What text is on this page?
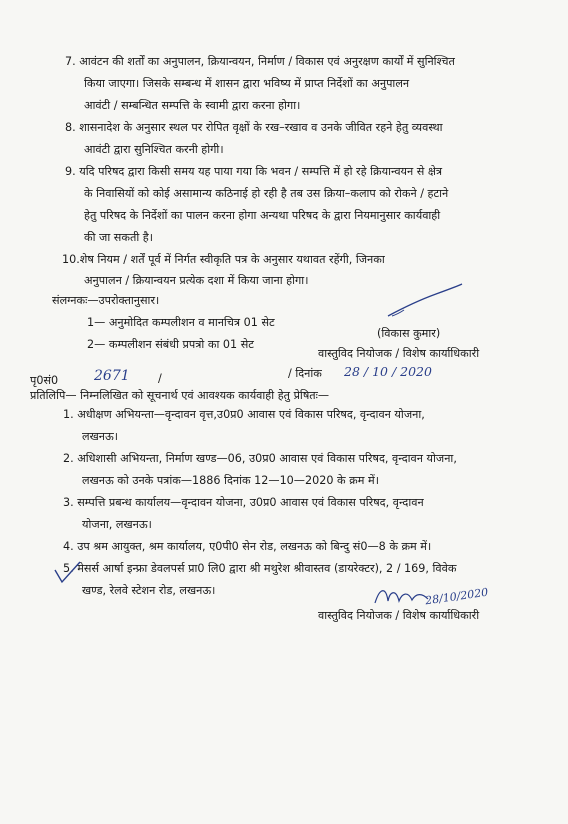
7. आवंटन की शर्तों का अनुपालन, क्रियान्वयन, निर्माण / विकास एवं अनुरक्षण कार्यों में सुनिश्चित
किया जाएगा। जिसके सम्बन्ध में शासन द्वारा भविष्य में प्राप्त निर्देशों का अनुपालन
आवंटी / सम्बन्धित सम्पत्ति के स्वामी द्वारा करना होगा।
8. शासनादेश के अनुसार स्थल पर रोपित वृक्षों के रख–रखाव व उनके जीवित रहने हेतु व्यवस्था
आवंटी द्वारा सुनिश्चित करनी होगी।
9. यदि परिषद द्वारा किसी समय यह पाया गया कि भवन / सम्पत्ति में हो रहे क्रियान्वयन से क्षेत्र
के निवासियों को कोई असामान्य कठिनाई हो रही है तब उस क्रिया–कलाप को रोकने / हटाने
हेतु परिषद के निर्देशों का पालन करना होगा अन्यथा परिषद के द्वारा नियमानुसार कार्यवाही
की जा सकती है।
10.शेष नियम / शर्तें पूर्व में निर्गत स्वीकृति पत्र के अनुसार यथावत रहेंगी, जिनका
अनुपालन / क्रियान्वयन प्रत्येक दशा में किया जाना होगा।
संलग्नकः—उपरोक्तानुसार।
1— अनुमोदित कम्पलीशन व मानचित्र 01 सेट
2— कम्पलीशन संबंधी प्रपत्रो का 01 सेट
(विकास कुमार)
वास्तुविद नियोजक / विशेष कार्याधिकारी
पृ0सं0	2671	/	/ दिनांक 28 / 10 / 2020
प्रतिलिपि— निम्नलिखित को सूचनार्थ एवं आवश्यक कार्यवाही हेतु प्रेषितः—
1. अधीक्षण अभियन्ता—वृन्दावन वृत्त,उ0प्र0 आवास एवं विकास परिषद, वृन्दावन योजना,
लखनऊ।
2. अधिशासी अभियन्ता, निर्माण खण्ड—06, उ0प्र0 आवास एवं विकास परिषद, वृन्दावन योजना,
लखनऊ को उनके पत्रांक—1886 दिनांक 12—10—2020 के क्रम में।
3. सम्पत्ति प्रबन्ध कार्यालय—वृन्दावन योजना, उ0प्र0 आवास एवं विकास परिषद, वृन्दावन
योजना, लखनऊ।
4. उप श्रम आयुक्त, श्रम कार्यालय, ए0पी0 सेन रोड, लखनऊ को बिन्दु सं0—8 के क्रम में।
5. मेसर्स आर्षा इन्फ्रा डेवलपर्स प्रा0 लि0 द्वारा श्री मथुरेश श्रीवास्तव (डायरेक्टर), 2 / 169, विवेक
खण्ड, रेलवे स्टेशन रोड, लखनऊ।	28/10/2020
वास्तुविद नियोजक / विशेष कार्याधिकारी
